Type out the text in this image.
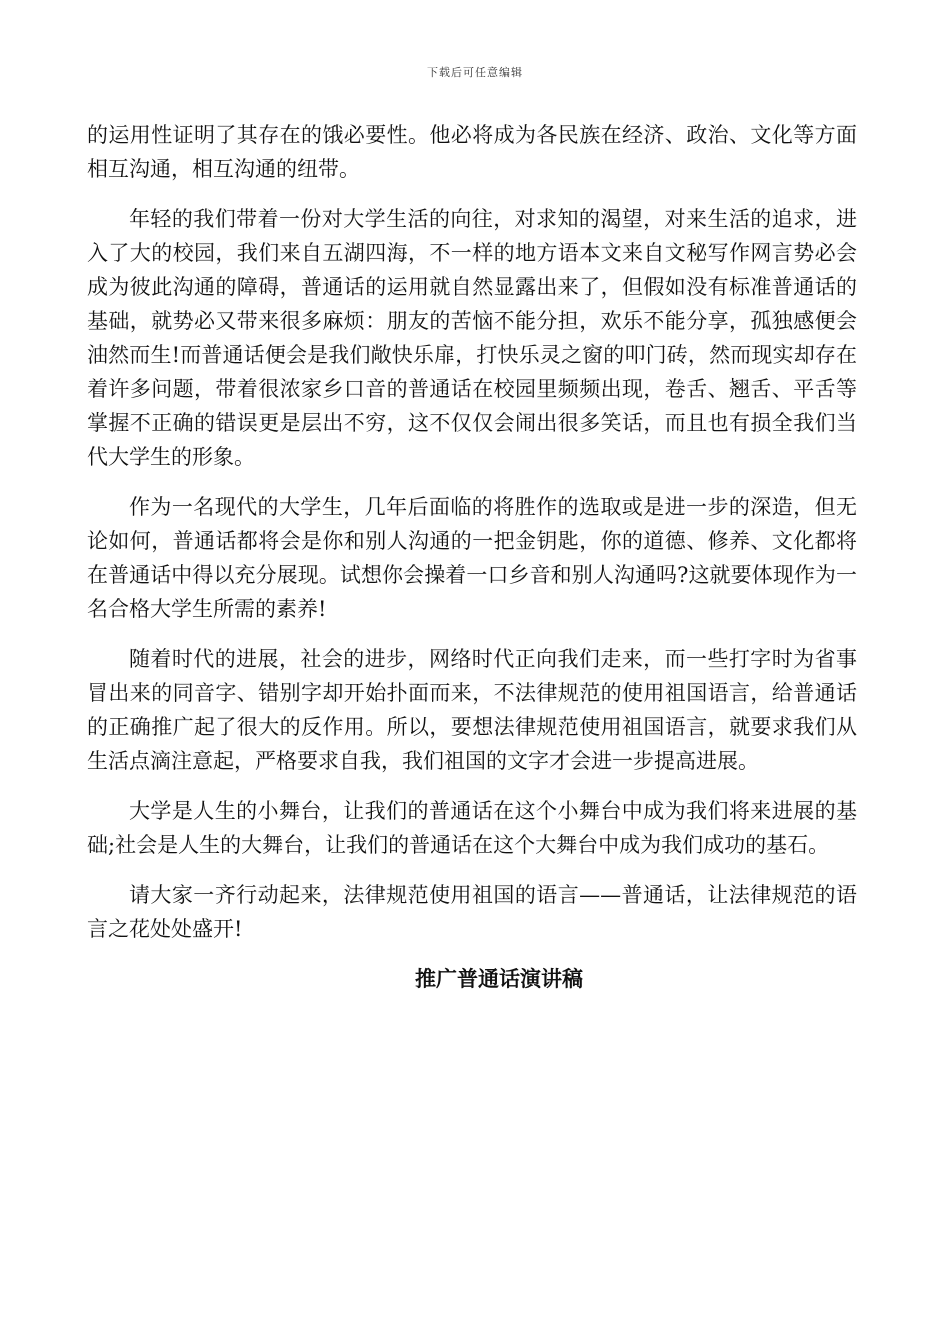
下载后可任意编辑

的运用性证明了其存在的饿必要性。他必将成为各民族在经济、政治、文化等方面相互沟通，相互沟通的纽带。

年轻的我们带着一份对大学生活的向往，对求知的渴望，对来生活的追求，进入了大的校园，我们来自五湖四海，不一样的地方语本文来自文秘写作网言势必会成为彼此沟通的障碍，普通话的运用就自然显露出来了，但假如没有标准普通话的基础，就势必又带来很多麻烦：朋友的苦恼不能分担，欢乐不能分享，孤独感便会油然而生!而普通话便会是我们敞快乐扉，打快乐灵之窗的叩门砖，然而现实却存在着许多问题，带着很浓家乡口音的普通话在校园里频频出现，卷舌、翘舌、平舌等掌握不正确的错误更是层出不穷，这不仅仅会闹出很多笑话，而且也有损全我们当代大学生的形象。

作为一名现代的大学生，几年后面临的将胜作的选取或是进一步的深造，但无论如何，普通话都将会是你和别人沟通的一把金钥匙，你的道德、修养、文化都将在普通话中得以充分展现。试想你会操着一口乡音和别人沟通吗?这就要体现作为一名合格大学生所需的素养!

随着时代的进展，社会的进步，网络时代正向我们走来，而一些打字时为省事冒出来的同音字、错别字却开始扑面而来，不法律规范的使用祖国语言，给普通话的正确推广起了很大的反作用。所以，要想法律规范使用祖国语言，就要求我们从生活点滴注意起，严格要求自我，我们祖国的文字才会进一步提高进展。

大学是人生的小舞台，让我们的普通话在这个小舞台中成为我们将来进展的基础;社会是人生的大舞台，让我们的普通话在这个大舞台中成为我们成功的基石。

请大家一齐行动起来，法律规范使用祖国的语言——普通话，让法律规范的语言之花处处盛开!

推广普通话演讲稿
